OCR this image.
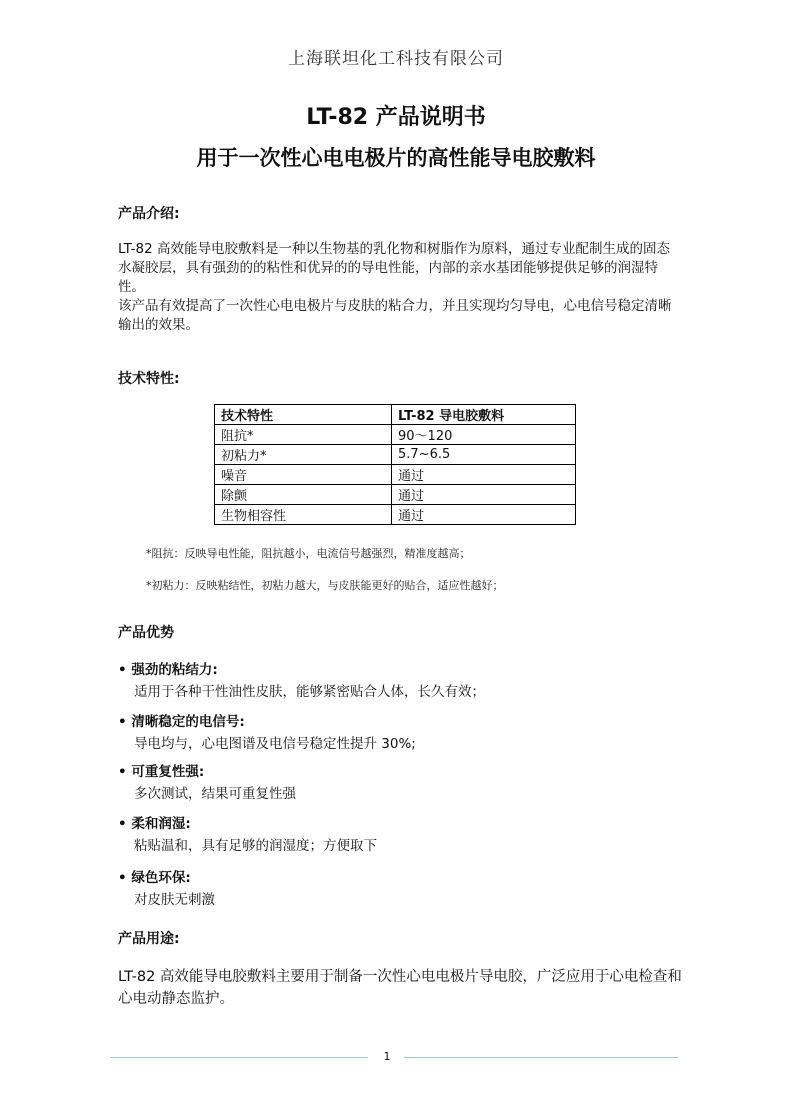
上海联坦化工科技有限公司
LT-82 产品说明书
用于一次性心电电极片的高性能导电胶敷料
产品介绍:

LT-82 高效能导电胶敷料是一种以生物基的乳化物和树脂作为原料，通过专业配制生成的固态水凝胶层，具有强劲的的粘性和优异的的导电性能，内部的亲水基团能够提供足够的润湿特性。

该产品有效提高了一次性心电电极片与皮肤的粘合力，并且实现均匀导电，心电信号稳定清晰输出的效果。

技术特性:
技术特性	LT-82 导电胶敷料
阻抗*	90～120
初粘力*	5.7~6.5
噪音	通过
除颤	通过
生物相容性	通过
*阻抗：反映导电性能，阻抗越小，电流信号越强烈，精准度越高；
*初粘力：反映粘结性，初粘力越大，与皮肤能更好的贴合，适应性越好；
产品优势
• 强劲的粘结力:
适用于各种干性油性皮肤，能够紧密贴合人体，长久有效；
• 清晰稳定的电信号:
导电均与，心电图谱及电信号稳定性提升 30%;
• 可重复性强:
多次测试，结果可重复性强
• 柔和润湿:
粘贴温和，具有足够的润湿度；方便取下
• 绿色环保:
对皮肤无刺激
产品用途:
LT-82 高效能导电胶敷料主要用于制备一次性心电电极片导电胶，广泛应用于心电检查和心电动静态监护。
1
